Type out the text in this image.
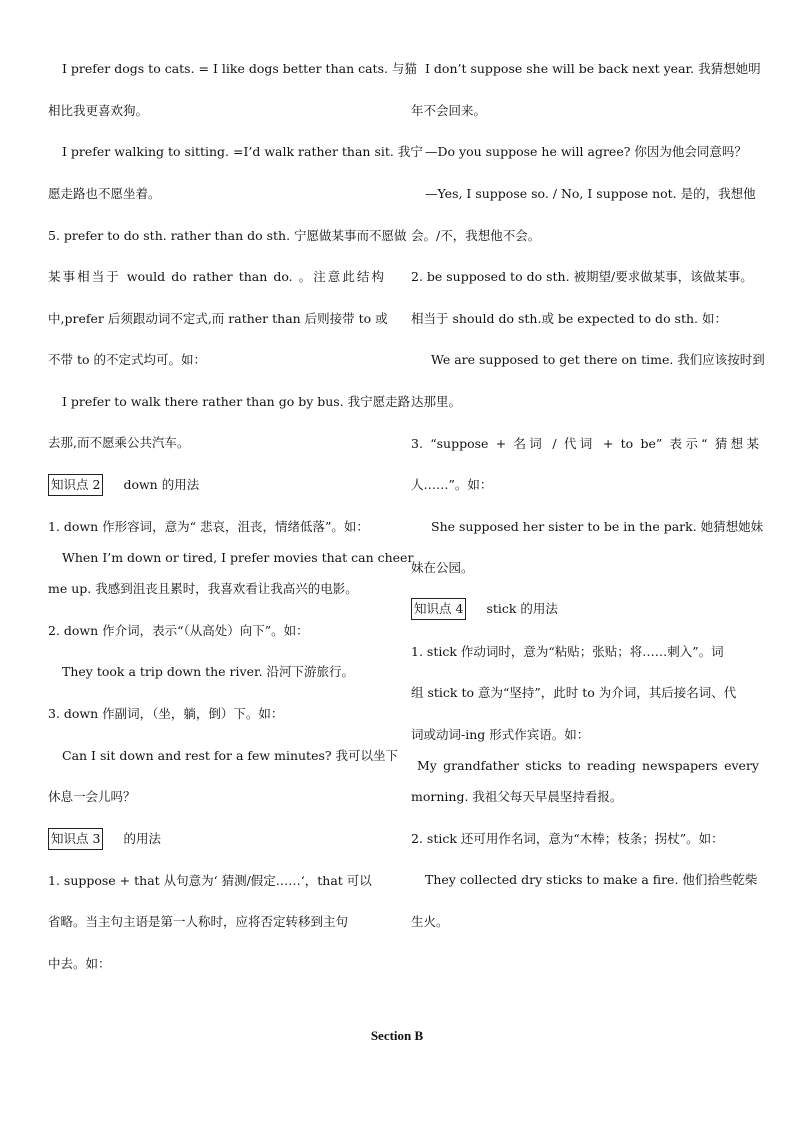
I prefer dogs to cats. = I like dogs better than cats. 与猫
相比我更喜欢狗。
I prefer walking to sitting. =I’d walk rather than sit. 我宁
愿走路也不愿坐着。
5. prefer to do sth. rather than do sth. 宁愿做某事而不愿做
某事相当于 would do rather than do. 。注意此结构
中,prefer 后须跟动词不定式,而 rather than 后则接带 to 或
不带 to 的不定式均可。如：
I prefer to walk there rather than go by bus. 我宁愿走路
去那,而不愿乘公共汽车。
知识点 2 down 的用法
1. down 作形容词，意为“ 悲哀，沮丧，情绪低落”。如：
When I’m down or tired, I prefer movies that can cheer
me up. 我感到沮丧且累时，我喜欢看让我高兴的电影。
2. down 作介词，表示“（从高处）向下”。如：
They took a trip down the river. 沿河下游旅行。
3. down 作副词，（坐，躺，倒）下。如：
Can I sit down and rest for a few minutes? 我可以坐下
休息一会儿吗？
知识点 3 的用法
1. suppose + that 从句意为‘ 猜测/假定……‘，that 可以
省略。当主句主语是第一人称时，应将否定转移到主句
中去。如：
I don’t suppose she will be back next year. 我猜想她明
年不会回来。
—Do you suppose he will agree? 你因为他会同意吗？
—Yes, I suppose so. / No, I suppose not. 是的，我想他
会。/不，我想他不会。
2. be supposed to do sth. 被期望/要求做某事，该做某事。
相当于 should do sth.或 be expected to do sth. 如：
We are supposed to get there on time. 我们应该按时到
达那里。
3. “suppose + 名词 / 代词 + to be” 表示“ 猜想某
人……”。如：
She supposed her sister to be in the park. 她猜想她妹
妹在公园。
知识点 4 stick 的用法
1. stick 作动词时，意为“粘贴；张贴；将……刺入”。词
组 stick to 意为“坚持”，此时 to 为介词，其后接名词、代
词或动词-ing 形式作宾语。如：
My grandfather sticks to reading newspapers every
morning. 我祖父每天早晨坚持看报。
2. stick 还可用作名词，意为“木棒；枝条；拐杖”。如：
They collected dry sticks to make a fire. 他们拾些乾柴
生火。
Section B
